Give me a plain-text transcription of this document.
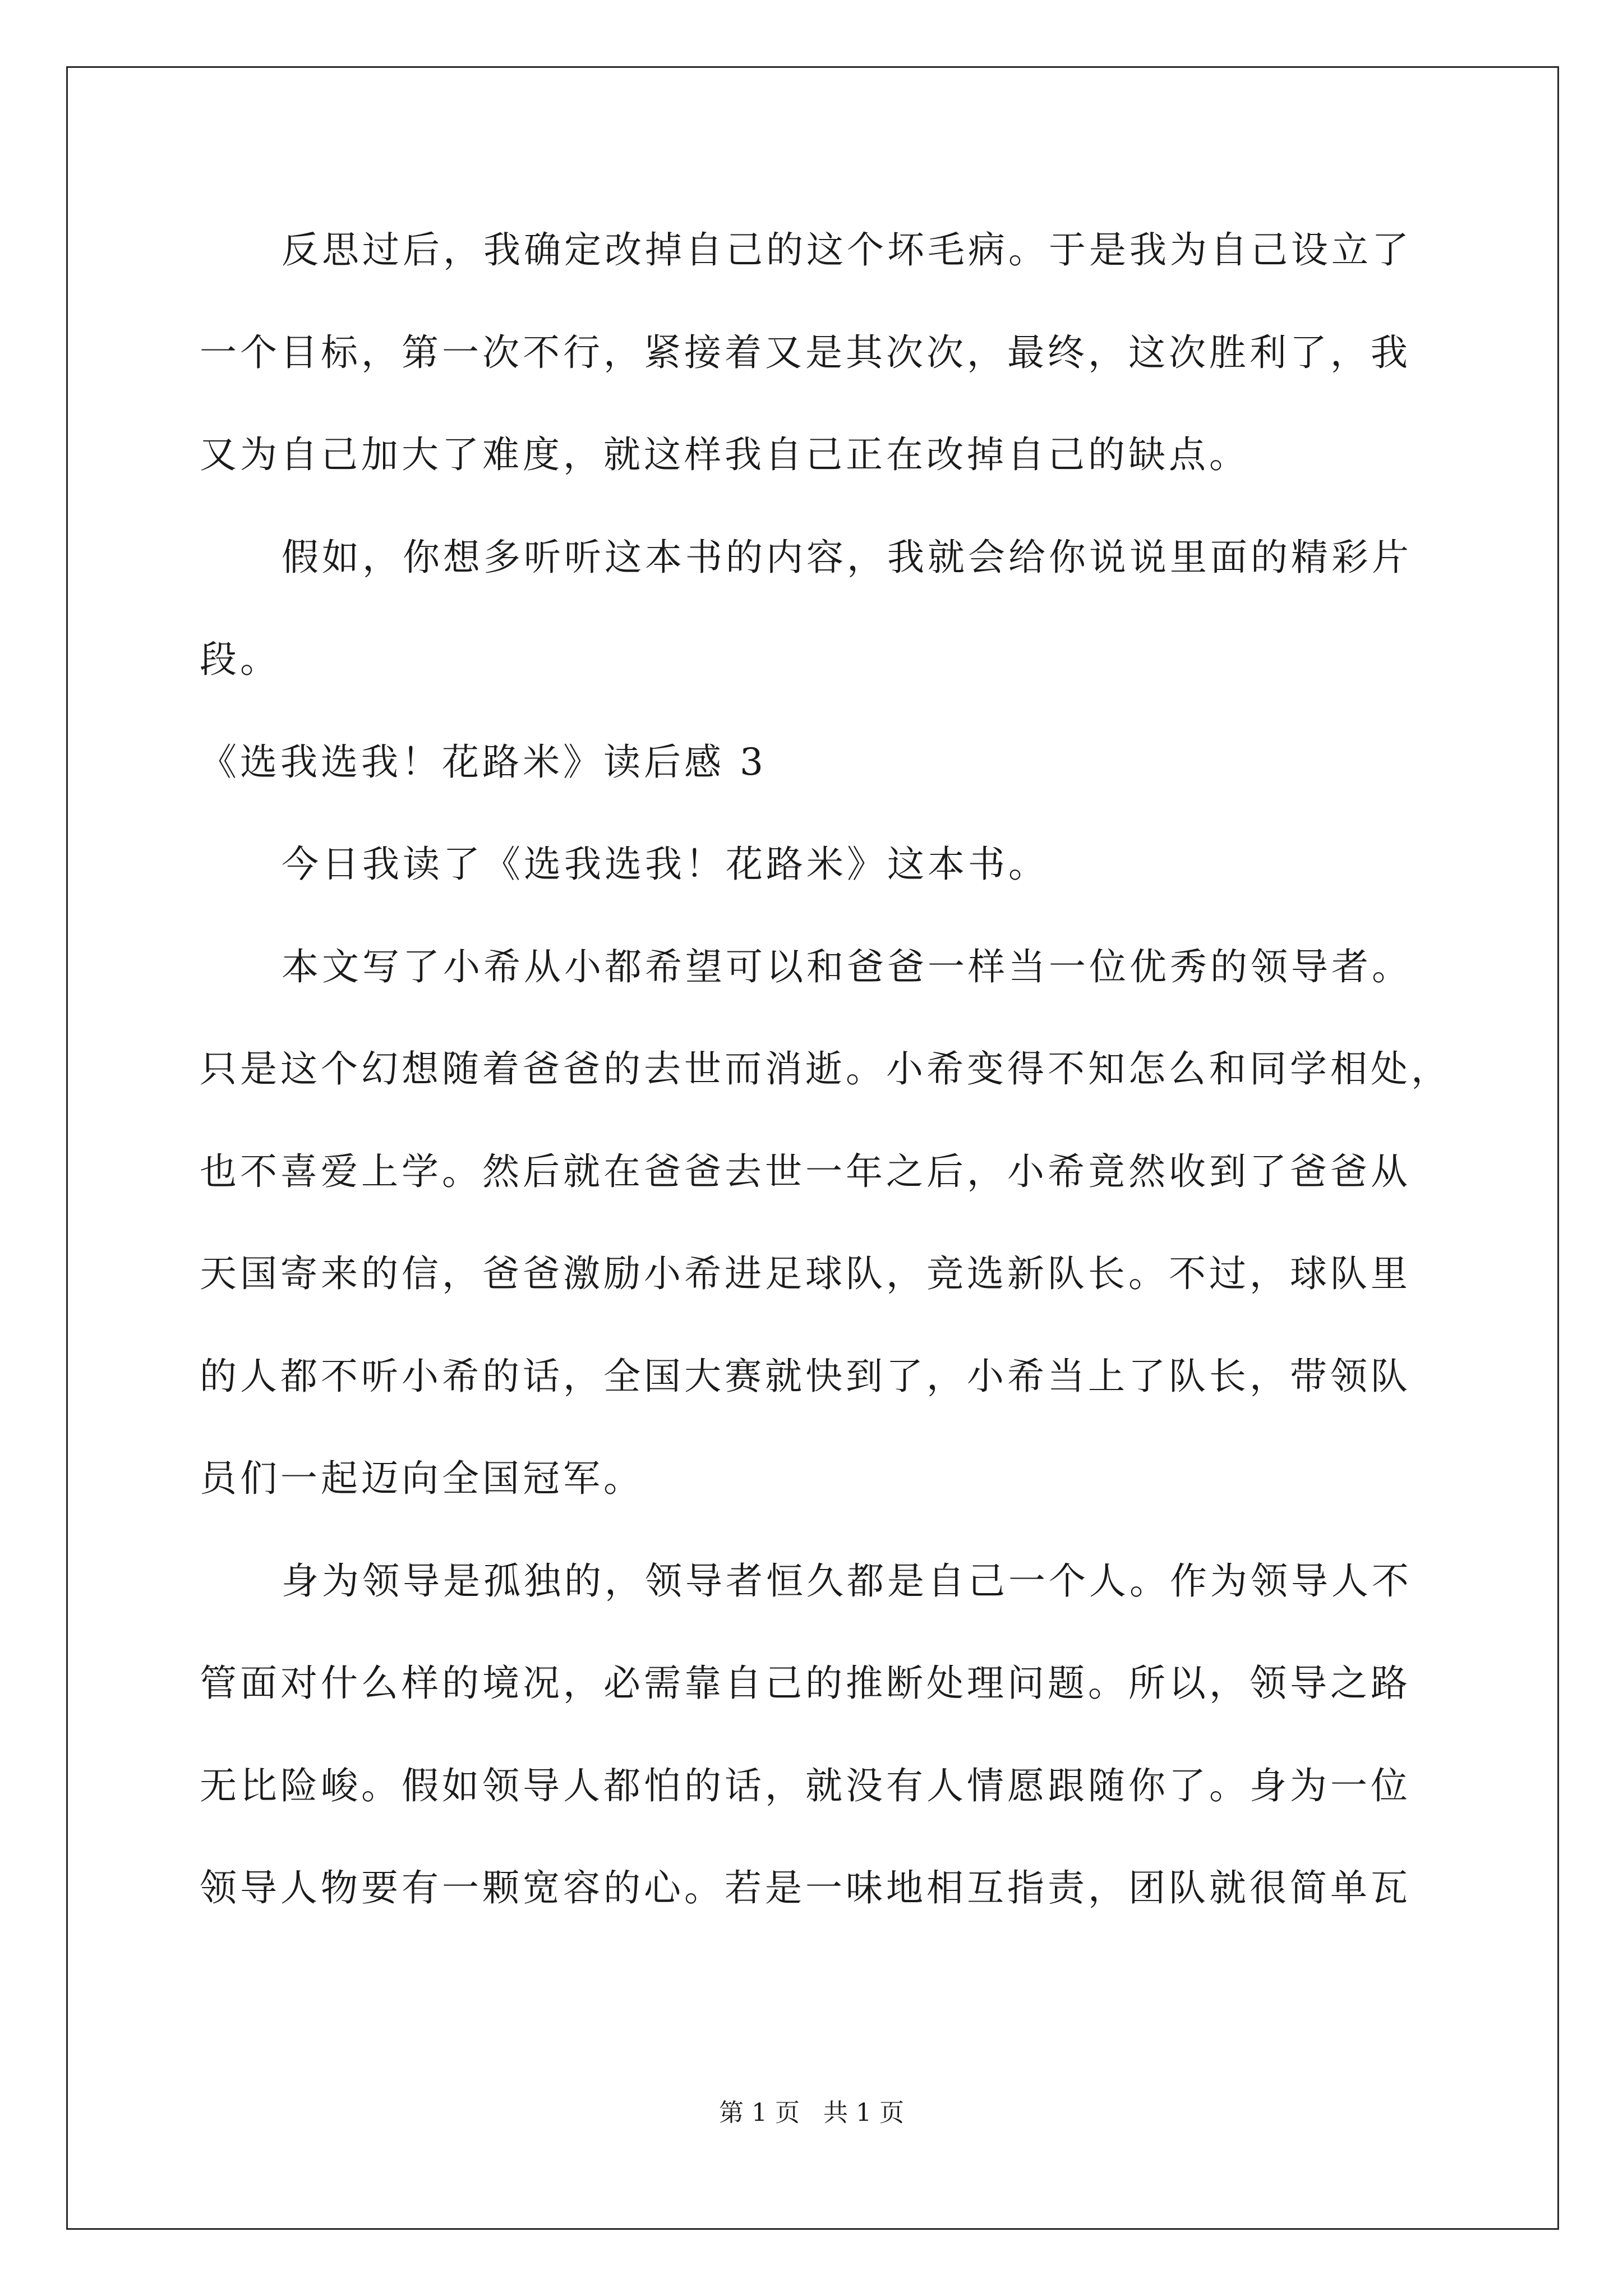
反思过后，我确定改掉自己的这个坏毛病。于是我为自己设立了
一个目标，第一次不行，紧接着又是其次次，最终，这次胜利了，我
又为自己加大了难度，就这样我自己正在改掉自己的缺点。
假如，你想多听听这本书的内容，我就会给你说说里面的精彩片
段。
《选我选我！花路米》读后感 3
今日我读了《选我选我！花路米》这本书。
本文写了小希从小都希望可以和爸爸一样当一位优秀的领导者。
只是这个幻想随着爸爸的去世而消逝。小希变得不知怎么和同学相处，
也不喜爱上学。然后就在爸爸去世一年之后，小希竟然收到了爸爸从
天国寄来的信，爸爸激励小希进足球队，竞选新队长。不过，球队里
的人都不听小希的话，全国大赛就快到了，小希当上了队长，带领队
员们一起迈向全国冠军。
身为领导是孤独的，领导者恒久都是自己一个人。作为领导人不
管面对什么样的境况，必需靠自己的推断处理问题。所以，领导之路
无比险峻。假如领导人都怕的话，就没有人情愿跟随你了。身为一位
领导人物要有一颗宽容的心。若是一味地相互指责，团队就很简单瓦
第 1 页 共 1 页
